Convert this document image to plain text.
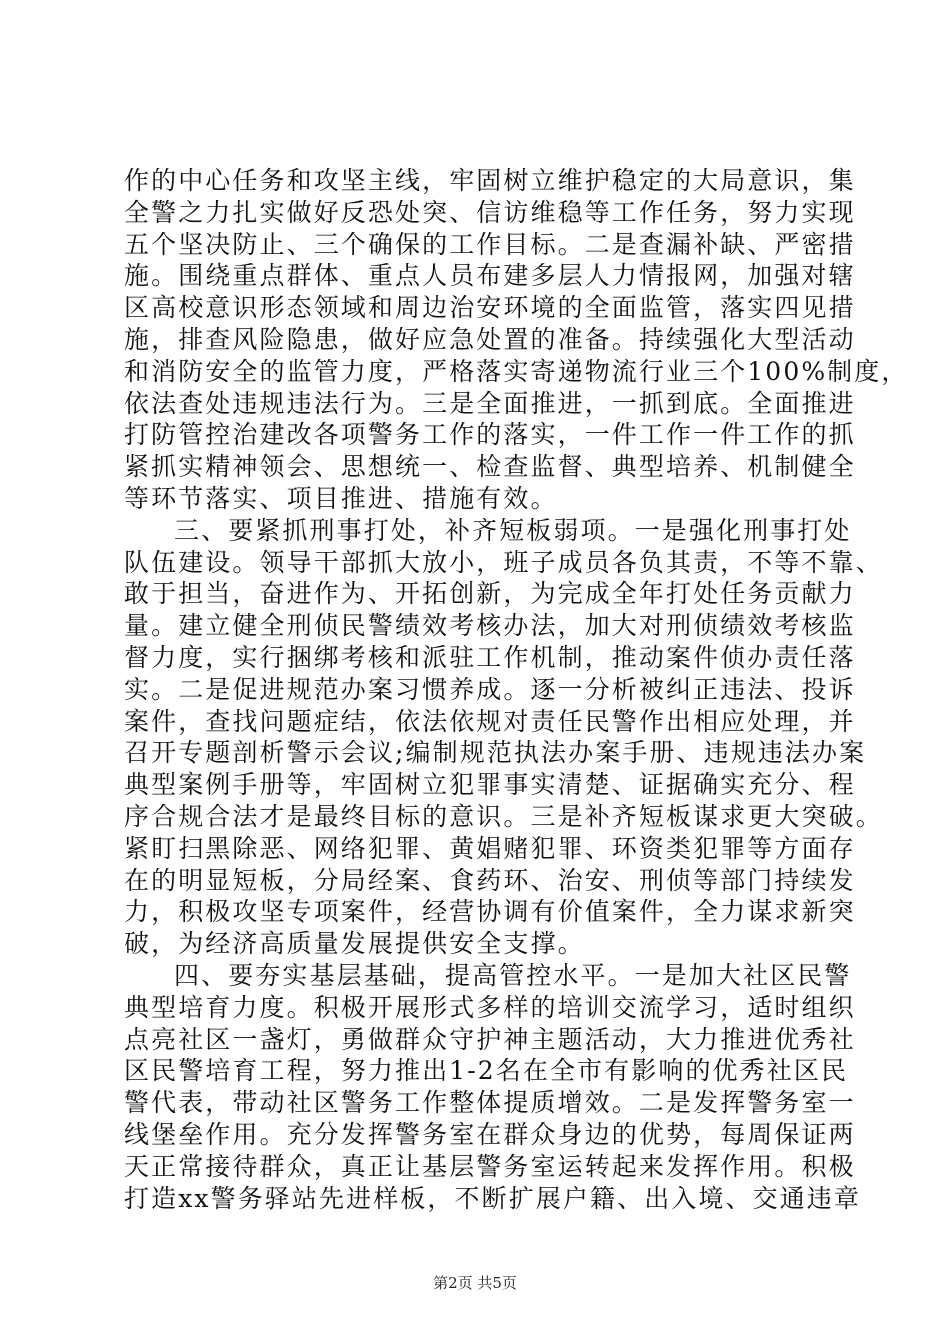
作的中心任务和攻坚主线，牢固树立维护稳定的大局意识，集
全警之力扎实做好反恐处突、信访维稳等工作任务，努力实现
五个坚决防止、三个确保的工作目标。二是查漏补缺、严密措
施。围绕重点群体、重点人员布建多层人力情报网，加强对辖
区高校意识形态领域和周边治安环境的全面监管，落实四见措
施，排查风险隐患，做好应急处置的准备。持续强化大型活动
和消防安全的监管力度，严格落实寄递物流行业三个100%制度，
依法查处违规违法行为。三是全面推进，一抓到底。全面推进
打防管控治建改各项警务工作的落实，一件工作一件工作的抓
紧抓实精神领会、思想统一、检查监督、典型培养、机制健全
等环节落实、项目推进、措施有效。
三、要紧抓刑事打处，补齐短板弱项。一是强化刑事打处
队伍建设。领导干部抓大放小，班子成员各负其责，不等不靠、
敢于担当，奋进作为、开拓创新，为完成全年打处任务贡献力
量。建立健全刑侦民警绩效考核办法，加大对刑侦绩效考核监
督力度，实行捆绑考核和派驻工作机制，推动案件侦办责任落
实。二是促进规范办案习惯养成。逐一分析被纠正违法、投诉
案件，查找问题症结，依法依规对责任民警作出相应处理，并
召开专题剖析警示会议;编制规范执法办案手册、违规违法办案
典型案例手册等，牢固树立犯罪事实清楚、证据确实充分、程
序合规合法才是最终目标的意识。三是补齐短板谋求更大突破。
紧盯扫黑除恶、网络犯罪、黄娼赌犯罪、环资类犯罪等方面存
在的明显短板，分局经案、食药环、治安、刑侦等部门持续发
力，积极攻坚专项案件，经营协调有价值案件，全力谋求新突
破，为经济高质量发展提供安全支撑。
四、要夯实基层基础，提高管控水平。一是加大社区民警
典型培育力度。积极开展形式多样的培训交流学习，适时组织
点亮社区一盏灯，勇做群众守护神主题活动，大力推进优秀社
区民警培育工程，努力推出1-2名在全市有影响的优秀社区民
警代表，带动社区警务工作整体提质增效。二是发挥警务室一
线堡垒作用。充分发挥警务室在群众身边的优势，每周保证两
天正常接待群众，真正让基层警务室运转起来发挥作用。积极
打造xx警务驿站先进样板，不断扩展户籍、出入境、交通违章
第2页 共5页
